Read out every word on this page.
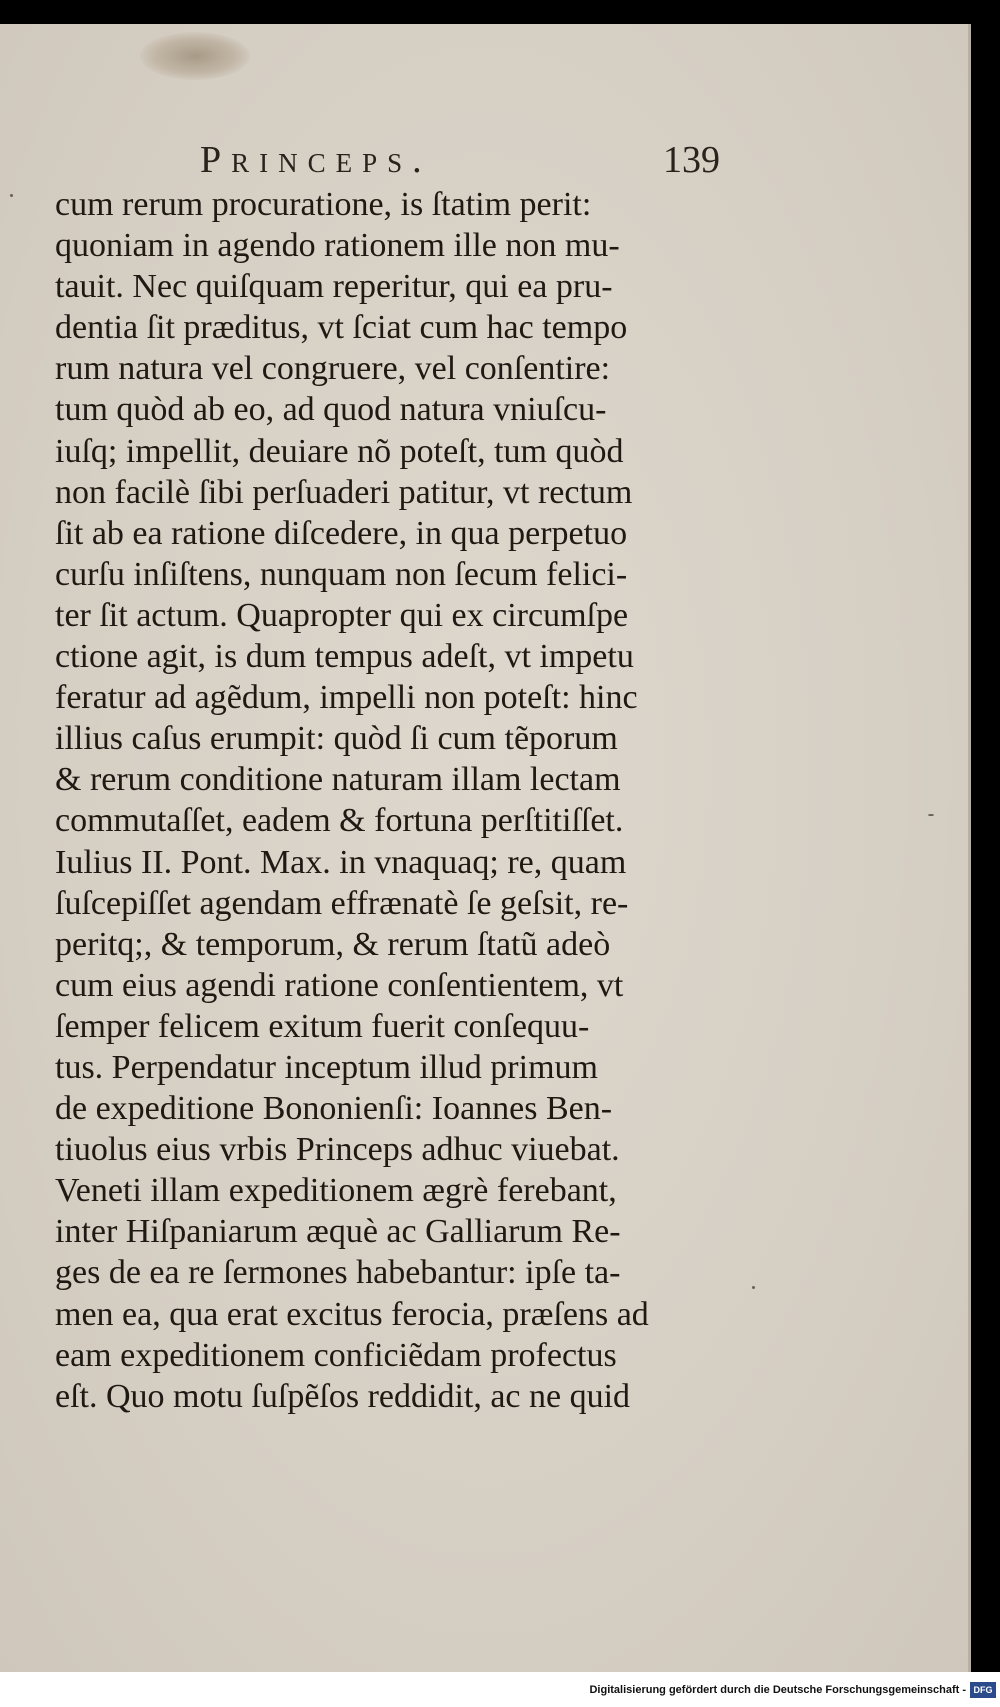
Princeps.	139
cum rerum procuratione, is ſtatim perit:
quoniam in agendo rationem ille non mu-
tauit. Nec quiſquam reperitur, qui ea pru-
dentia ſit præditus, vt ſciat cum hac tempo
rum natura vel congruere, vel conſentire:
tum quòd ab eo, ad quod natura vniuſcu-
iuſq; impellit, deuiare nõ poteſt, tum quòd
non facilè ſibi perſuaderi patitur, vt rectum
ſit ab ea ratione diſcedere, in qua perpetuo
curſu inſiſtens, nunquam non ſecum felici-
ter ſit actum. Quapropter qui ex circumſpe
ctione agit, is dum tempus adeſt, vt impetu
feratur ad agẽdum, impelli non poteſt: hinc
illius caſus erumpit: quòd ſi cum tẽporum
& rerum conditione naturam illam lectam
commutaſſet, eadem & fortuna perſtitiſſet.
Iulius II. Pont. Max. in vnaquaq; re, quam
ſuſcepiſſet agendam effrænatè ſe geſsit, re-
peritq;, & temporum, & rerum ſtatũ adeò
cum eius agendi ratione conſentientem, vt
ſemper felicem exitum fuerit conſequu-
tus. Perpendatur inceptum illud primum
de expeditione Bononienſi: Ioannes Ben-
tiuolus eius vrbis Princeps adhuc viuebat.
Veneti illam expeditionem ægrè ferebant,
inter Hiſpaniarum æquè ac Galliarum Re-
ges de ea re ſermones habebantur: ipſe ta-
men ea, qua erat excitus ferocia, præſens ad
eam expeditionem conficiẽdam profectus
eſt. Quo motu ſuſpẽſos reddidit, ac ne quid
Digitalisierung gefördert durch die Deutsche Forschungsgemeinschaft - DFG
